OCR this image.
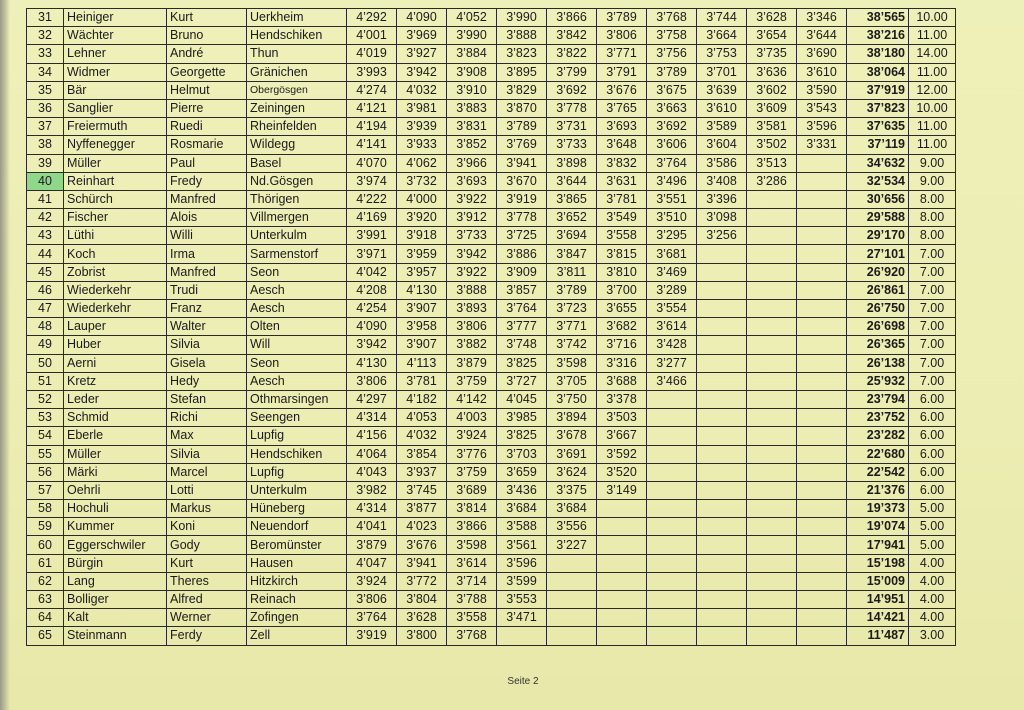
31	Heiniger	Kurt	Uerkheim	4’292	4’090	4’052	3’990	3’866	3’789	3’768	3’744	3’628	3’346	38’565	10.00
32	Wächter	Bruno	Hendschiken	4’001	3’969	3’990	3’888	3’842	3’806	3’758	3’664	3’654	3’644	38’216	11.00
33	Lehner	André	Thun	4’019	3’927	3’884	3’823	3’822	3’771	3’756	3’753	3’735	3’690	38’180	14.00
34	Widmer	Georgette	Gränichen	3’993	3’942	3’908	3’895	3’799	3’791	3’789	3’701	3’636	3’610	38’064	11.00
35	Bär	Helmut	Obergösgen	4’274	4’032	3’910	3’829	3’692	3’676	3’675	3’639	3’602	3’590	37’919	12.00
36	Sanglier	Pierre	Zeiningen	4’121	3’981	3’883	3’870	3’778	3’765	3’663	3’610	3’609	3’543	37’823	10.00
37	Freiermuth	Ruedi	Rheinfelden	4’194	3’939	3’831	3’789	3’731	3’693	3’692	3’589	3’581	3’596	37’635	11.00
38	Nyffenegger	Rosmarie	Wildegg	4’141	3’933	3’852	3’769	3’733	3’648	3’606	3’604	3’502	3’331	37’119	11.00
39	Müller	Paul	Basel	4’070	4’062	3’966	3’941	3’898	3’832	3’764	3’586	3’513		34’632	9.00
40	Reinhart	Fredy	Nd.Gösgen	3’974	3’732	3’693	3’670	3’644	3’631	3’496	3’408	3’286		32’534	9.00
41	Schürch	Manfred	Thörigen	4’222	4’000	3’922	3’919	3’865	3’781	3’551	3’396			30’656	8.00
42	Fischer	Alois	Villmergen	4’169	3’920	3’912	3’778	3’652	3’549	3’510	3’098			29’588	8.00
43	Lüthi	Willi	Unterkulm	3’991	3’918	3’733	3’725	3’694	3’558	3’295	3’256			29’170	8.00
44	Koch	Irma	Sarmenstorf	3’971	3’959	3’942	3’886	3’847	3’815	3’681				27’101	7.00
45	Zobrist	Manfred	Seon	4’042	3’957	3’922	3’909	3’811	3’810	3’469				26’920	7.00
46	Wiederkehr	Trudi	Aesch	4’208	4’130	3’888	3’857	3’789	3’700	3’289				26’861	7.00
47	Wiederkehr	Franz	Aesch	4’254	3’907	3’893	3’764	3’723	3’655	3’554				26’750	7.00
48	Lauper	Walter	Olten	4’090	3’958	3’806	3’777	3’771	3’682	3’614				26’698	7.00
49	Huber	Silvia	Will	3’942	3’907	3’882	3’748	3’742	3’716	3’428				26’365	7.00
50	Aerni	Gisela	Seon	4’130	4’113	3’879	3’825	3’598	3’316	3’277				26’138	7.00
51	Kretz	Hedy	Aesch	3’806	3’781	3’759	3’727	3’705	3’688	3’466				25’932	7.00
52	Leder	Stefan	Othmarsingen	4’297	4’182	4’142	4’045	3’750	3’378					23’794	6.00
53	Schmid	Richi	Seengen	4’314	4’053	4’003	3’985	3’894	3’503					23’752	6.00
54	Eberle	Max	Lupfig	4’156	4’032	3’924	3’825	3’678	3’667					23’282	6.00
55	Müller	Silvia	Hendschiken	4’064	3’854	3’776	3’703	3’691	3’592					22’680	6.00
56	Märki	Marcel	Lupfig	4’043	3’937	3’759	3’659	3’624	3’520					22’542	6.00
57	Oehrli	Lotti	Unterkulm	3’982	3’745	3’689	3’436	3’375	3’149					21’376	6.00
58	Hochuli	Markus	Hüneberg	4’314	3’877	3’814	3’684	3’684						19’373	5.00
59	Kummer	Koni	Neuendorf	4’041	4’023	3’866	3’588	3’556						19’074	5.00
60	Eggerschwiler	Gody	Beromünster	3’879	3’676	3’598	3’561	3’227						17’941	5.00
61	Bürgin	Kurt	Hausen	4’047	3’941	3’614	3’596							15’198	4.00
62	Lang	Theres	Hitzkirch	3’924	3’772	3’714	3’599							15’009	4.00
63	Bolliger	Alfred	Reinach	3’806	3’804	3’788	3’553							14’951	4.00
64	Kalt	Werner	Zofingen	3’764	3’628	3’558	3’471							14’421	4.00
65	Steinmann	Ferdy	Zell	3’919	3’800	3’768								11’487	3.00
Seite 2
